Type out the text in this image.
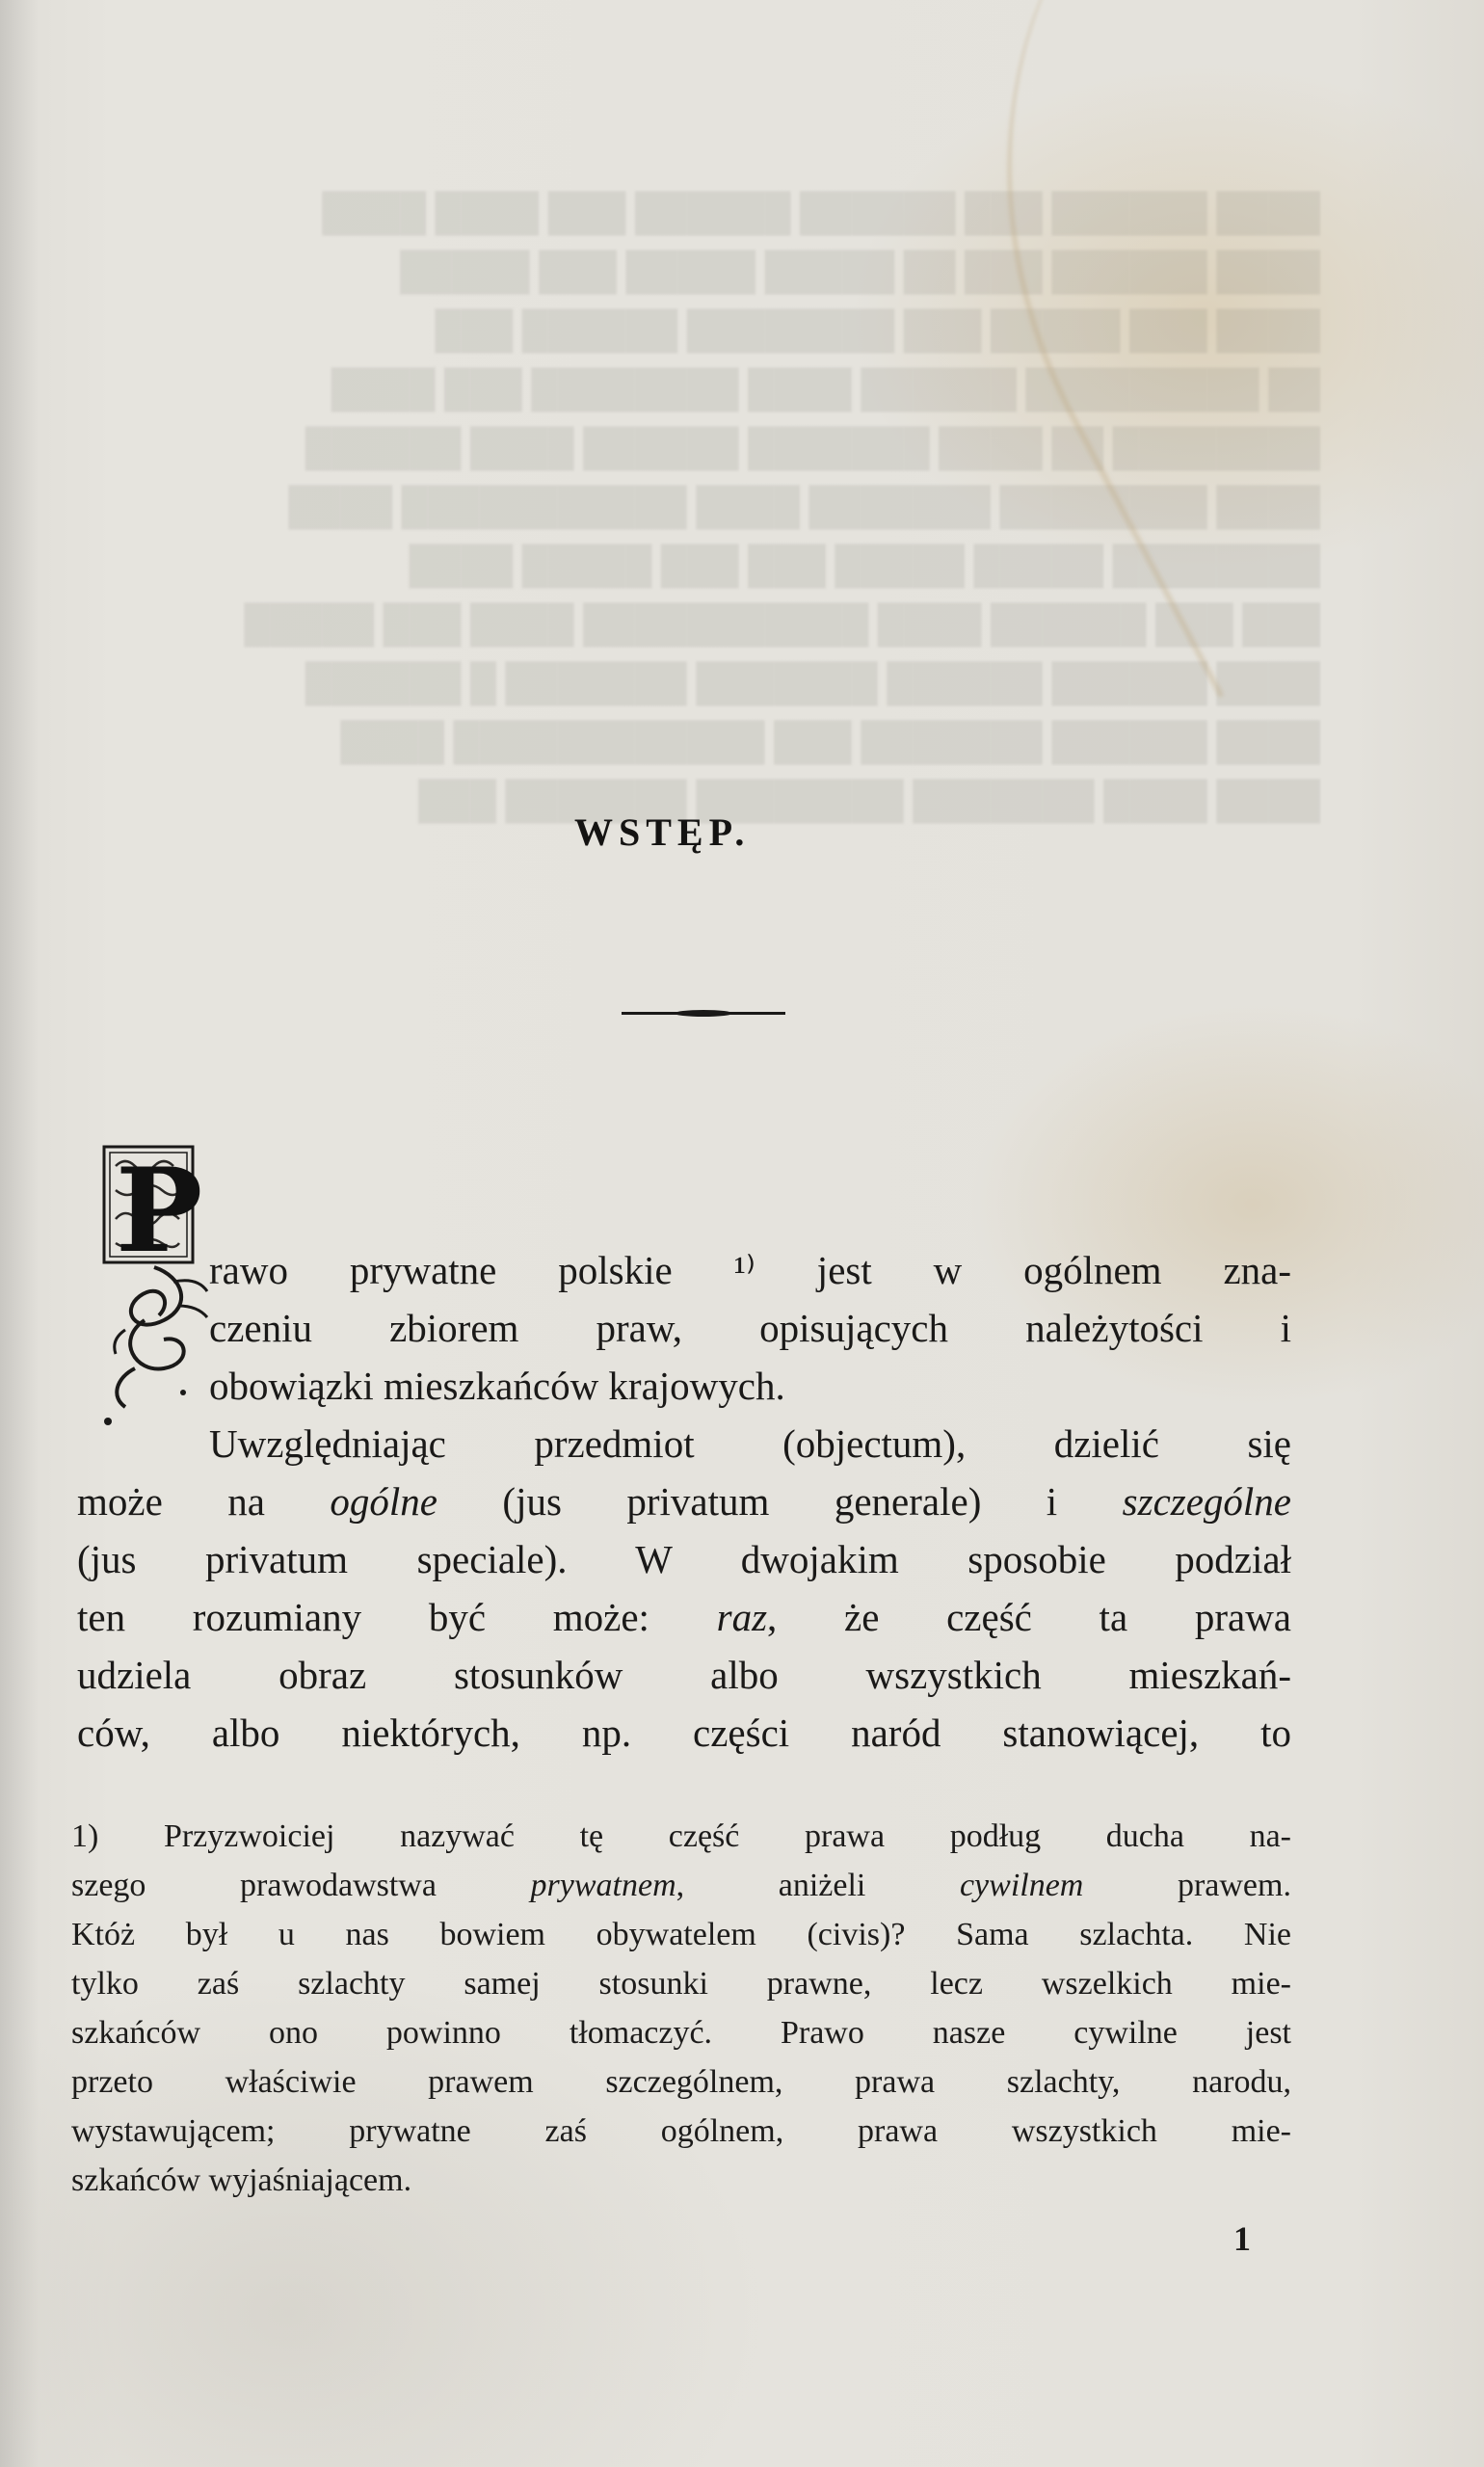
████ ██████ ███ ██████ ██████ ███ ████ ████
████ ██████ ███ ██ █████ █████ ███ █████
████ ███ █████ ███ ████████ ██████ ███
██ █████████ ██████ ████ ████████ ███ ████
████████ ██ ████ ███████ ██████ ████ ██████
████ ████████ ███████ ████ ███████████ ████
████████ █████ █████ ███ ███ █████ ████
███ ███ ██████ ████ ███████████ ████ ███ █████
████ ██████ ██████ ███████ ███████ █ ██████
████ ██████ ███████ ███ ████████████ ████
████ ████ ███████ ████████ ███████ ███

WSTĘP.
P rawo prywatne polskie ¹⁾ jest w ogólnem zna-
czeniu zbiorem praw, opisujących należytości i
obowiązki mieszkańców krajowych.
Uwzględniając przedmiot (objectum), dzielić się
może na ogólne (jus privatum generale) i szczególne
(jus privatum speciale). W dwojakim sposobie podział
ten rozumiany być może: raz, że część ta prawa
udziela obraz stosunków albo wszystkich mieszkań-
ców, albo niektórych, np. części naród stanowiącej, to
1) Przyzwoiciej nazywać tę część prawa podług ducha na-
szego prawodawstwa prywatnem, aniżeli cywilnem prawem.
Któż był u nas bowiem obywatelem (civis)? Sama szlachta. Nie
tylko zaś szlachty samej stosunki prawne, lecz wszelkich mie-
szkańców ono powinno tłomaczyć. Prawo nasze cywilne jest
przeto właściwie prawem szczególnem, prawa szlachty, narodu,
wystawującem; prywatne zaś ogólnem, prawa wszystkich mie-
szkańców wyjaśniającem.
1
